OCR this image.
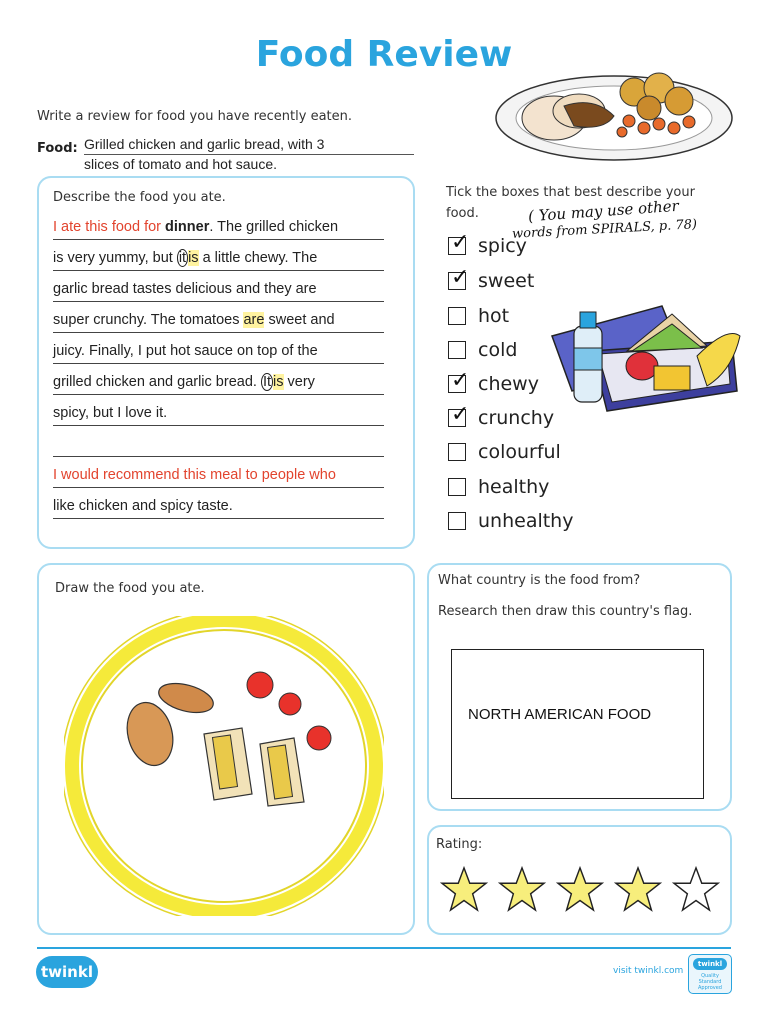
Food Review
Write a review for food you have recently eaten.
Food: Grilled chicken and garlic bread, with 3
slices of tomato and hot sauce.
Describe the food you ate.
I ate this food for dinner. The grilled chicken
is very yummy, but it is a little chewy. The
garlic bread tastes delicious and they are
super crunchy. The tomatoes are sweet and
juicy. Finally, I put hot sauce on top of the
grilled chicken and garlic bread. It is very
spicy, but I love it.
I would recommend this meal to people who
like chicken and spicy taste.
Tick the boxes that best describe your food.	( You may use other
words from SPIRALS, p. 78)
✓ spicy
✓ sweet
hot
cold
✓ chewy
✓ crunchy
colourful
healthy
unhealthy
Draw the food you ate.
What country is the food from?
Research then draw this country's flag.
NORTH AMERICAN FOOD
Rating:
twinkl	visit twinkl.com
twinkl
Quality Standard Approved
